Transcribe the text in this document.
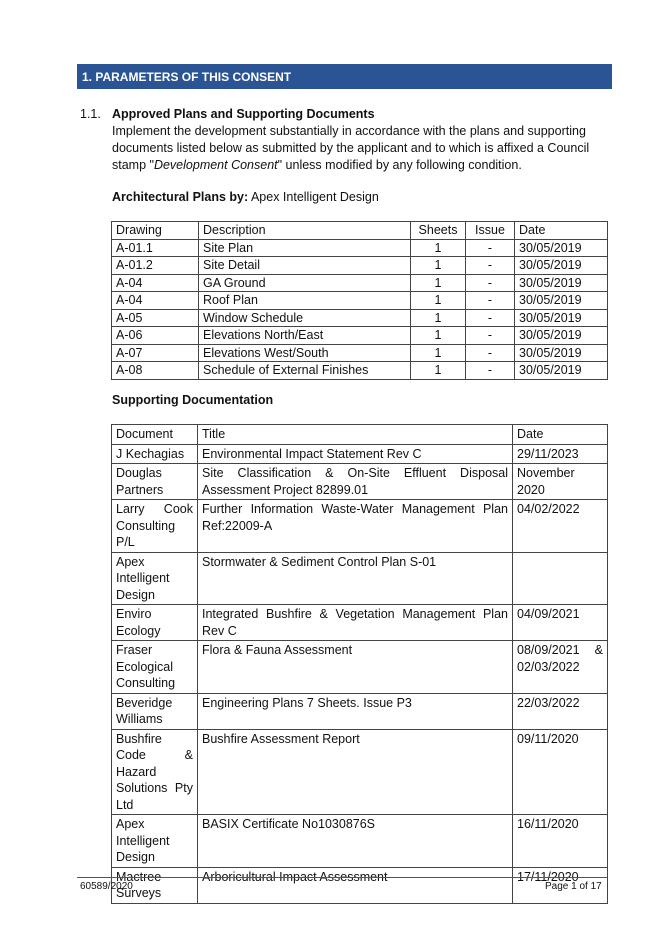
1. PARAMETERS OF THIS CONSENT
1.1. Approved Plans and Supporting Documents

Implement the development substantially in accordance with the plans and supporting documents listed below as submitted by the applicant and to which is affixed a Council stamp "Development Consent" unless modified by any following condition.

Architectural Plans by: Apex Intelligent Design
Drawing	Description	Sheets	Issue	Date
A-01.1	Site Plan	1	-	30/05/2019
A-01.2	Site Detail	1	-	30/05/2019
A-04	GA Ground	1	-	30/05/2019
A-04	Roof Plan	1	-	30/05/2019
A-05	Window Schedule	1	-	30/05/2019
A-06	Elevations North/East	1	-	30/05/2019
A-07	Elevations West/South	1	-	30/05/2019
A-08	Schedule of External Finishes	1	-	30/05/2019
Supporting Documentation
Document	Title	Date
J Kechagias	Environmental Impact Statement Rev C	29/11/2023
Douglas Partners	Site Classification & On-Site Effluent Disposal Assessment Project 82899.01	November 2020
Larry Cook Consulting P/L	Further Information Waste-Water Management Plan Ref:22009-A	04/02/2022
Apex Intelligent Design	Stormwater & Sediment Control Plan S-01	
Enviro Ecology	Integrated Bushfire & Vegetation Management Plan Rev C	04/09/2021
Fraser Ecological Consulting	Flora & Fauna Assessment	08/09/2021 & 02/03/2022
Beveridge Williams	Engineering Plans 7 Sheets. Issue P3	22/03/2022
Bushfire Code & Hazard Solutions Pty Ltd	Bushfire Assessment Report	09/11/2020
Apex Intelligent Design	BASIX Certificate No1030876S	16/11/2020
Mactree Surveys	Arboricultural Impact Assessment	17/11/2020
60589/2020	Page 1 of 17
